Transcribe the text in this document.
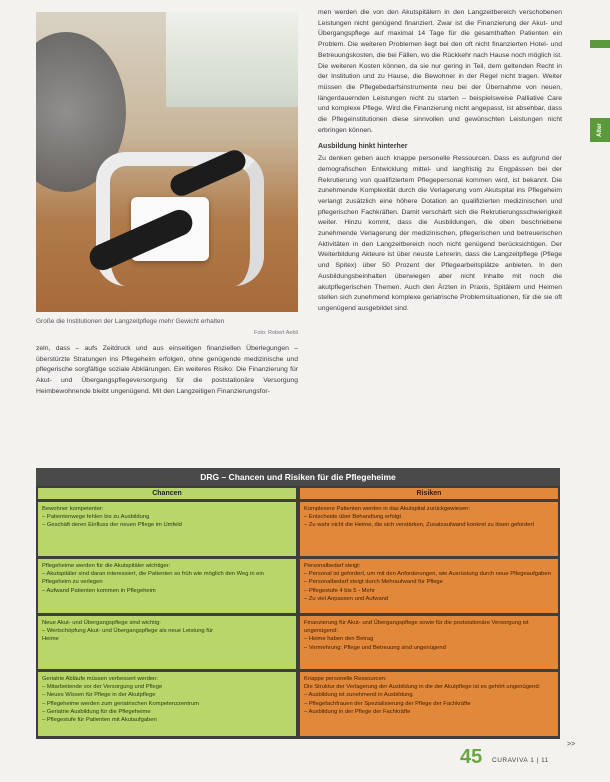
Große die Institutionen der Langzeitpflege mehr Gewicht erhalten
Foto: Robert Aebli
Alter

men werden die von den Akutspitälern in den Langzeitbereich verschobenen Leistungen nicht genügend finanziert. Zwar ist die Finanzierung der Akut- und Übergangspflege auf maximal 14 Tage für die gesamthaften Patienten ein Problem. Die weiteren Problemen liegt bei den oft nicht finanzierten Hotel- und Betreuungskosten, die bei Fällen, wo die Rückkehr nach Hause noch möglich ist. Die weiteren Kosten können, da sie nur gering in Teil, dem geltenden Recht in der Institution und zu Hause, die Bewohner in der Regel nicht tragen. Weiter müssen die Pflegebedarfsinstrumente neu bei der Übernahme von neuen, längerdauernden Leistungen nicht zu starten – beispielsweise Palliative Care und komplexe Pflege. Wird die Finanzierung nicht angepasst, ist absehbar, dass die Pflegeinstitutionen diese sinnvollen und gewünschten Leistungen nicht erbringen können.

Ausbildung hinkt hinterher

Zu denken geben auch knappe personelle Ressourcen. Dass es aufgrund der demografischen Entwicklung mittel- und langfristig zu Engpässen bei der Rekrutierung von qualifiziertem Pflegepersonal kommen wird, ist bekannt. Die zunehmende Komplexität durch die Verlagerung vom Akutspital ins Pflegeheim verlangt zusätzlich eine höhere Dotation an qualifizierten medizinischen und pflegerischen Fachkräften. Damit verschärft sich die Rekrutierungsschwierigkeit weiter. Hinzu kommt, dass die Ausbildungen, die oben beschriebene zunehmende Verlagerung der medizinischen, pflegerischen und betreuerischen Aktivitäten in den Langzeitbereich noch nicht genügend berücksichtigen. Der Weiterbildung Akteure ist über neuste Lehrerin, dass die Langzeitpflege (Pflege und Spitex) über 50 Prozent der Pflegearbeitsplätze anbieten. In den Ausbildungsbeinhalten überwiegen aber nicht Inhalte mit noch die akutpflegerischen Themen. Auch den Ärzten in Praxis, Spitälern und Heimen stellen sich zunehmend komplexe geriatrische Problemsituationen, für die sie oft ungenügend ausgebildet sind.

zeln, dass – aufs Zeitdruck und aus einseitigen finanziellen Überlegungen – überstürzte Stratungen ins Pflegeheim erfolgen, ohne genügende medizinische und pflegerische sorgfältige soziale Abklärungen. Ein weiteres Risiko: Die Finanzierung für Akut- und Übergangspflegeversorgung für die poststationäre Versorgung Heimbewohnende bleibt ungenügend. Mit den Langzeitigen Finanzierungsfor-

DRG – Chancen und Risiken für die Pflegeheime
Chancen	Risiken

Bewohner kompetenter:

– Patientenwege fehlen bis zu Ausbildung

– Geschäft deren Einfluss der neuen Pflege im Umfeld

Komplexere Patienten werden in das Akutspital zurückgewiesen:

– Entscheide über Behandlung erfolgt

– Zu wahr nicht die Heime, die sich verstärken, Zusatzaufwand konkret zu lösen gefordert

Pflegeheime werden für die Akutspitäler wichtiger:

– Akutspitäler sind daran interessiert, die Patienten so früh wie möglich den Weg in ein Pflegeheim zu verlegen

– Aufwand Patienten kommen in Pflegeheim

Personalbedarf steigt:

– Personal ist gefordert, um mit den Anforderungen, wie Ausrüstung durch neue Pflegeaufgaben

– Personalbedarf steigt durch Mehraufwand für Pflege

– Pflegestufe 4 bis 5 - Mehr

– Zu viel Anpassen und Aufwand

Neue Akut- und Übergangspflege sind wichtig:

– Wertschöpfung Akut- und Übergangspflege als neue Leistung für

Heime

Finanzierung für Akut- und Übergangspflege sowie für die poststationäre Versorgung ist ungenügend:

– Heime haben den Betrag

– Vermehrung: Pflege und Betreuung sind ungenügend

Geriatrie Abläufe müssen verbessert werden:

– Mitarbeitende vor der Versorgung und Pflege

– Neues Wissen für Pflege in der Akutpflege

– Pflegeheime werden zum geriatrischen Kompetenzzentrum

– Geriatrie Ausbildung für die Pflegeheime

– Pflegestufe für Patienten mit Akutaufgaben

Knappe personelle Ressourcen:

Die Struktur der Verlagerung der Ausbildung in die der Akutpflege ist es gehört ungenügend:

– Ausbildung ist zunehmend in Ausbildung

– Pflegefachfrauen der Spezialisierung der Pflege der Fachkräfte

– Ausbildung in der Pflege der Fachkräfte

>>
45 CURAVIVA 1 | 11
